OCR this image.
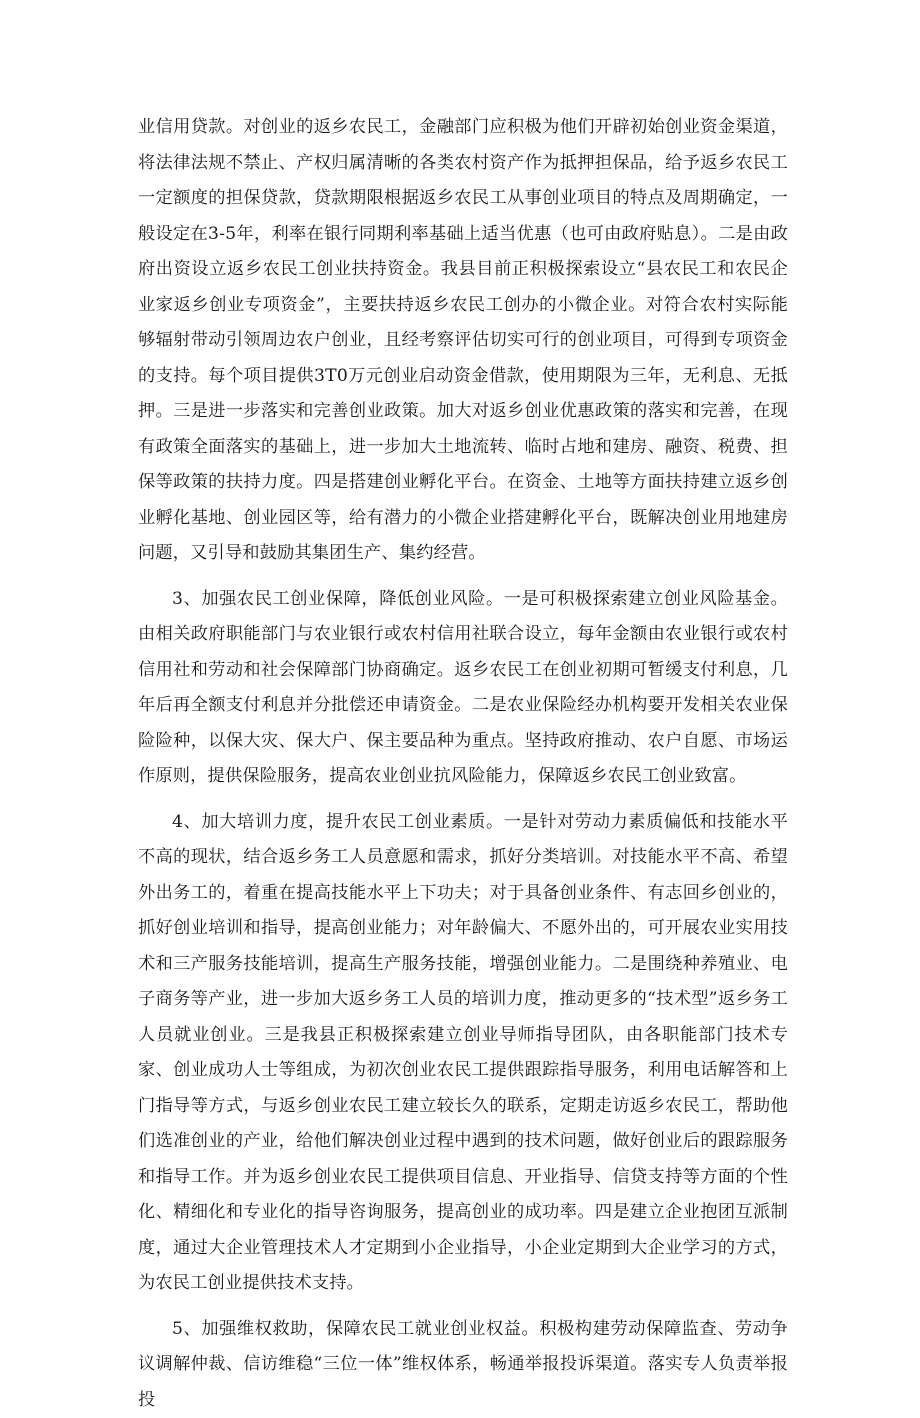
业信用贷款。对创业的返乡农民工，金融部门应积极为他们开辟初始创业资金渠道，将法律法规不禁止、产权归属清晰的各类农村资产作为抵押担保品，给予返乡农民工一定额度的担保贷款，贷款期限根据返乡农民工从事创业项目的特点及周期确定，一般设定在3-5年，利率在银行同期利率基础上适当优惠（也可由政府贴息）。二是由政府出资设立返乡农民工创业扶持资金。我县目前正积极探索设立“县农民工和农民企业家返乡创业专项资金”，主要扶持返乡农民工创办的小微企业。对符合农村实际能够辐射带动引领周边农户创业，且经考察评估切实可行的创业项目，可得到专项资金的支持。每个项目提供3T0万元创业启动资金借款，使用期限为三年，无利息、无抵押。三是进一步落实和完善创业政策。加大对返乡创业优惠政策的落实和完善，在现有政策全面落实的基础上，进一步加大土地流转、临时占地和建房、融资、税费、担保等政策的扶持力度。四是搭建创业孵化平台。在资金、土地等方面扶持建立返乡创业孵化基地、创业园区等，给有潜力的小微企业搭建孵化平台，既解决创业用地建房问题，又引导和鼓励其集团生产、集约经营。

3、加强农民工创业保障，降低创业风险。一是可积极探索建立创业风险基金。由相关政府职能部门与农业银行或农村信用社联合设立，每年金额由农业银行或农村信用社和劳动和社会保障部门协商确定。返乡农民工在创业初期可暂缓支付利息，几年后再全额支付利息并分批偿还申请资金。二是农业保险经办机构要开发相关农业保险险种，以保大灾、保大户、保主要品种为重点。坚持政府推动、农户自愿、市场运作原则，提供保险服务，提高农业创业抗风险能力，保障返乡农民工创业致富。

4、加大培训力度，提升农民工创业素质。一是针对劳动力素质偏低和技能水平不高的现状，结合返乡务工人员意愿和需求，抓好分类培训。对技能水平不高、希望外出务工的，着重在提高技能水平上下功夫；对于具备创业条件、有志回乡创业的，抓好创业培训和指导，提高创业能力；对年龄偏大、不愿外出的，可开展农业实用技术和三产服务技能培训，提高生产服务技能，增强创业能力。二是围绕种养殖业、电子商务等产业，进一步加大返乡务工人员的培训力度，推动更多的“技术型”返乡务工人员就业创业。三是我县正积极探索建立创业导师指导团队，由各职能部门技术专家、创业成功人士等组成，为初次创业农民工提供跟踪指导服务，利用电话解答和上门指导等方式，与返乡创业农民工建立较长久的联系，定期走访返乡农民工，帮助他们选准创业的产业，给他们解决创业过程中遇到的技术问题，做好创业后的跟踪服务和指导工作。并为返乡创业农民工提供项目信息、开业指导、信贷支持等方面的个性化、精细化和专业化的指导咨询服务，提高创业的成功率。四是建立企业抱团互派制度，通过大企业管理技术人才定期到小企业指导，小企业定期到大企业学习的方式，为农民工创业提供技术支持。

5、加强维权救助，保障农民工就业创业权益。积极构建劳动保障监查、劳动争议调解仲裁、信访维稳“三位一体”维权体系，畅通举报投诉渠道。落实专人负责举报投
